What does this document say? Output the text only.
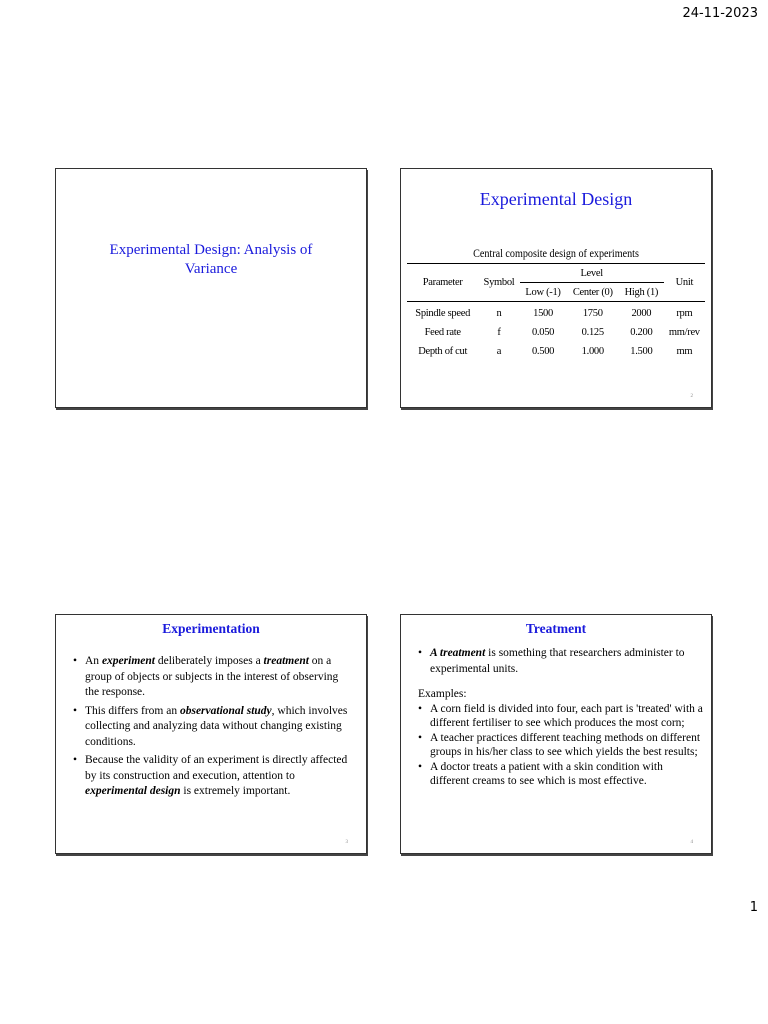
24-11-2023
Experimental Design: Analysis of Variance
Experimental Design
Central composite design of experiments
Parameter	Symbol	Level			Unit
		Low (-1)	Center (0)	High (1)	
Spindle speed	n	1500	1750	2000	rpm
Feed rate	f	0.050	0.125	0.200	mm/rev
Depth of cut	a	0.500	1.000	1.500	mm
2
Experimentation
• An experiment deliberately imposes a treatment on a group of objects or subjects in the interest of observing the response.
• This differs from an observational study, which involves collecting and analyzing data without changing existing conditions.
• Because the validity of an experiment is directly affected by its construction and execution, attention to experimental design is extremely important.
3
Treatment
• A treatment is something that researchers administer to experimental units.
Examples:
• A corn field is divided into four, each part is 'treated' with a different fertiliser to see which produces the most corn;
• A teacher practices different teaching methods on different groups in his/her class to see which yields the best results;
• A doctor treats a patient with a skin condition with different creams to see which is most effective.
4
1
